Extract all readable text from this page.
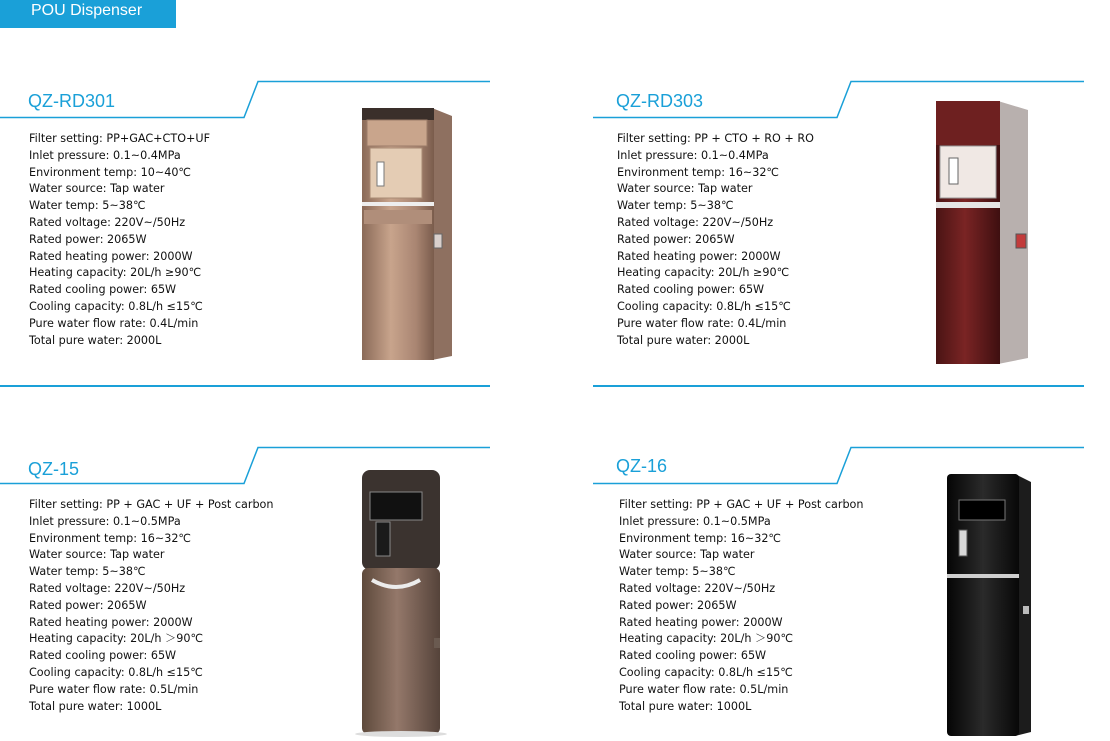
POU Dispenser
QZ-RD301
Filter setting: PP+GAC+CTO+UF
Inlet pressure: 0.1~0.4MPa
Environment temp: 10~40℃
Water source: Tap water
Water temp: 5~38℃
Rated voltage: 220V~/50Hz
Rated power: 2065W
Rated heating power: 2000W
Heating capacity: 20L/h ≥90℃
Rated cooling power: 65W
Cooling capacity: 0.8L/h ≤15℃
Pure water flow rate: 0.4L/min
Total pure water: 2000L
QZ-RD303
Filter setting: PP + CTO + RO + RO
Inlet pressure: 0.1~0.4MPa
Environment temp: 16~32℃
Water source: Tap water
Water temp: 5~38℃
Rated voltage: 220V~/50Hz
Rated power: 2065W
Rated heating power: 2000W
Heating capacity: 20L/h ≥90℃
Rated cooling power: 65W
Cooling capacity: 0.8L/h ≤15℃
Pure water flow rate: 0.4L/min
Total pure water: 2000L
QZ-15
Filter setting: PP + GAC + UF + Post carbon
Inlet pressure: 0.1~0.5MPa
Environment temp: 16~32℃
Water source: Tap water
Water temp: 5~38℃
Rated voltage: 220V~/50Hz
Rated power: 2065W
Rated heating power: 2000W
Heating capacity: 20L/h ＞90℃
Rated cooling power: 65W
Cooling capacity: 0.8L/h ≤15℃
Pure water flow rate: 0.5L/min
Total pure water: 1000L
QZ-16
Filter setting: PP + GAC + UF + Post carbon
Inlet pressure: 0.1~0.5MPa
Environment temp: 16~32℃
Water source: Tap water
Water temp: 5~38℃
Rated voltage: 220V~/50Hz
Rated power: 2065W
Rated heating power: 2000W
Heating capacity: 20L/h ＞90℃
Rated cooling power: 65W
Cooling capacity: 0.8L/h ≤15℃
Pure water flow rate: 0.5L/min
Total pure water: 1000L
